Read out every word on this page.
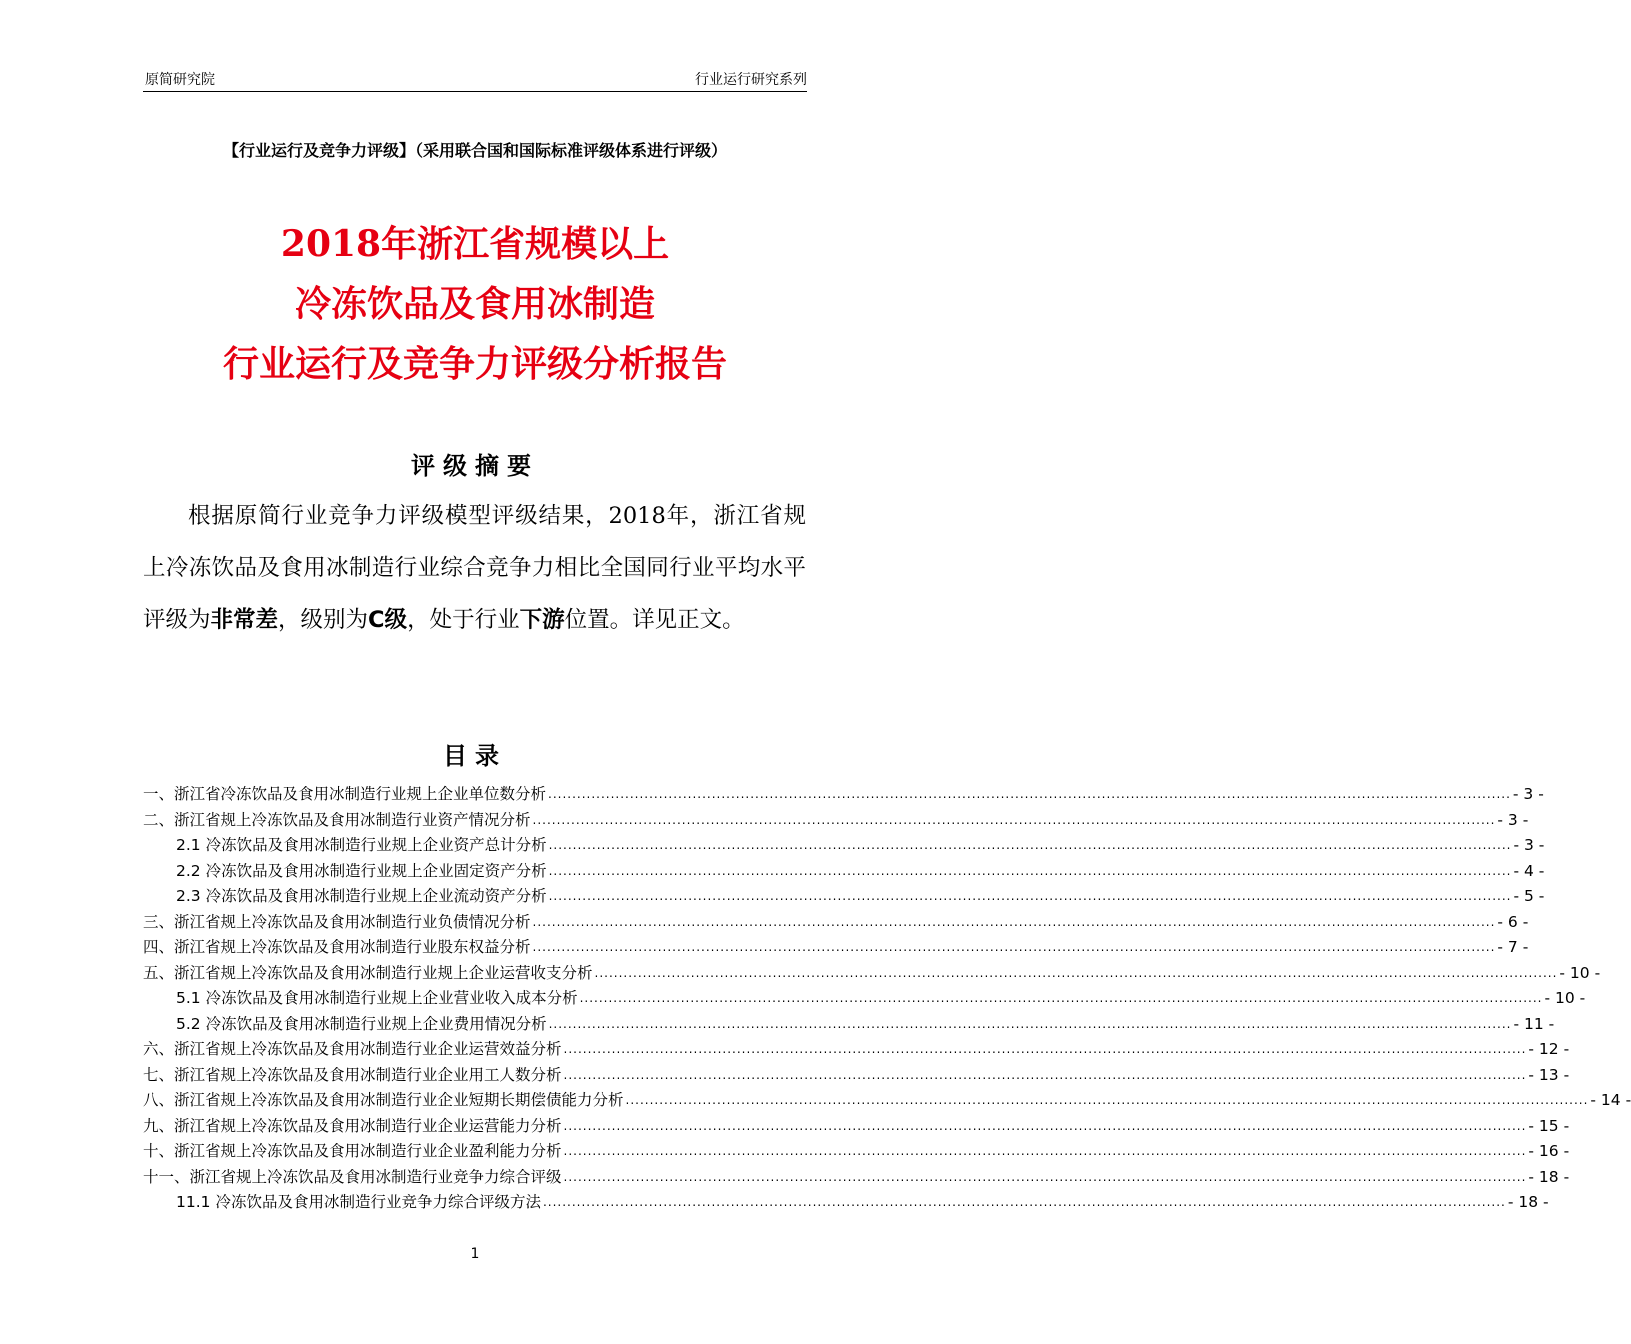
原简研究院	行业运行研究系列
【行业运行及竞争力评级】（采用联合国和国际标准评级体系进行评级）
2018年浙江省规模以上
冷冻饮品及食用冰制造
行业运行及竞争力评级分析报告
评级摘要
根据原简行业竞争力评级模型评级结果，2018年，浙江省规上冷冻饮品及食用冰制造行业综合竞争力相比全国同行业平均水平评级为非常差，级别为C级，处于行业下游位置。详见正文。
目录
一、浙江省冷冻饮品及食用冰制造行业规上企业单位数分析 ........................................................................................................................................................................................................ - 3 -
二、浙江省规上冷冻饮品及食用冰制造行业资产情况分析 ........................................................................................................................................................................................................ - 3 -
2.1 冷冻饮品及食用冰制造行业规上企业资产总计分析 ........................................................................................................................................................................................................ - 3 -
2.2 冷冻饮品及食用冰制造行业规上企业固定资产分析 ........................................................................................................................................................................................................ - 4 -
2.3 冷冻饮品及食用冰制造行业规上企业流动资产分析 ........................................................................................................................................................................................................ - 5 -
三、浙江省规上冷冻饮品及食用冰制造行业负债情况分析 ........................................................................................................................................................................................................ - 6 -
四、浙江省规上冷冻饮品及食用冰制造行业股东权益分析 ........................................................................................................................................................................................................ - 7 -
五、浙江省规上冷冻饮品及食用冰制造行业规上企业运营收支分析 ........................................................................................................................................................................................................ - 10 -
5.1 冷冻饮品及食用冰制造行业规上企业营业收入成本分析 ........................................................................................................................................................................................................ - 10 -
5.2 冷冻饮品及食用冰制造行业规上企业费用情况分析 ........................................................................................................................................................................................................ - 11 -
六、浙江省规上冷冻饮品及食用冰制造行业企业运营效益分析 ........................................................................................................................................................................................................ - 12 -
七、浙江省规上冷冻饮品及食用冰制造行业企业用工人数分析 ........................................................................................................................................................................................................ - 13 -
八、浙江省规上冷冻饮品及食用冰制造行业企业短期长期偿债能力分析 ........................................................................................................................................................................................................ - 14 -
九、浙江省规上冷冻饮品及食用冰制造行业企业运营能力分析 ........................................................................................................................................................................................................ - 15 -
十、浙江省规上冷冻饮品及食用冰制造行业企业盈利能力分析 ........................................................................................................................................................................................................ - 16 -
十一、浙江省规上冷冻饮品及食用冰制造行业竞争力综合评级 ........................................................................................................................................................................................................ - 18 -
11.1 冷冻饮品及食用冰制造行业竞争力综合评级方法 ........................................................................................................................................................................................................ - 18 -
1
